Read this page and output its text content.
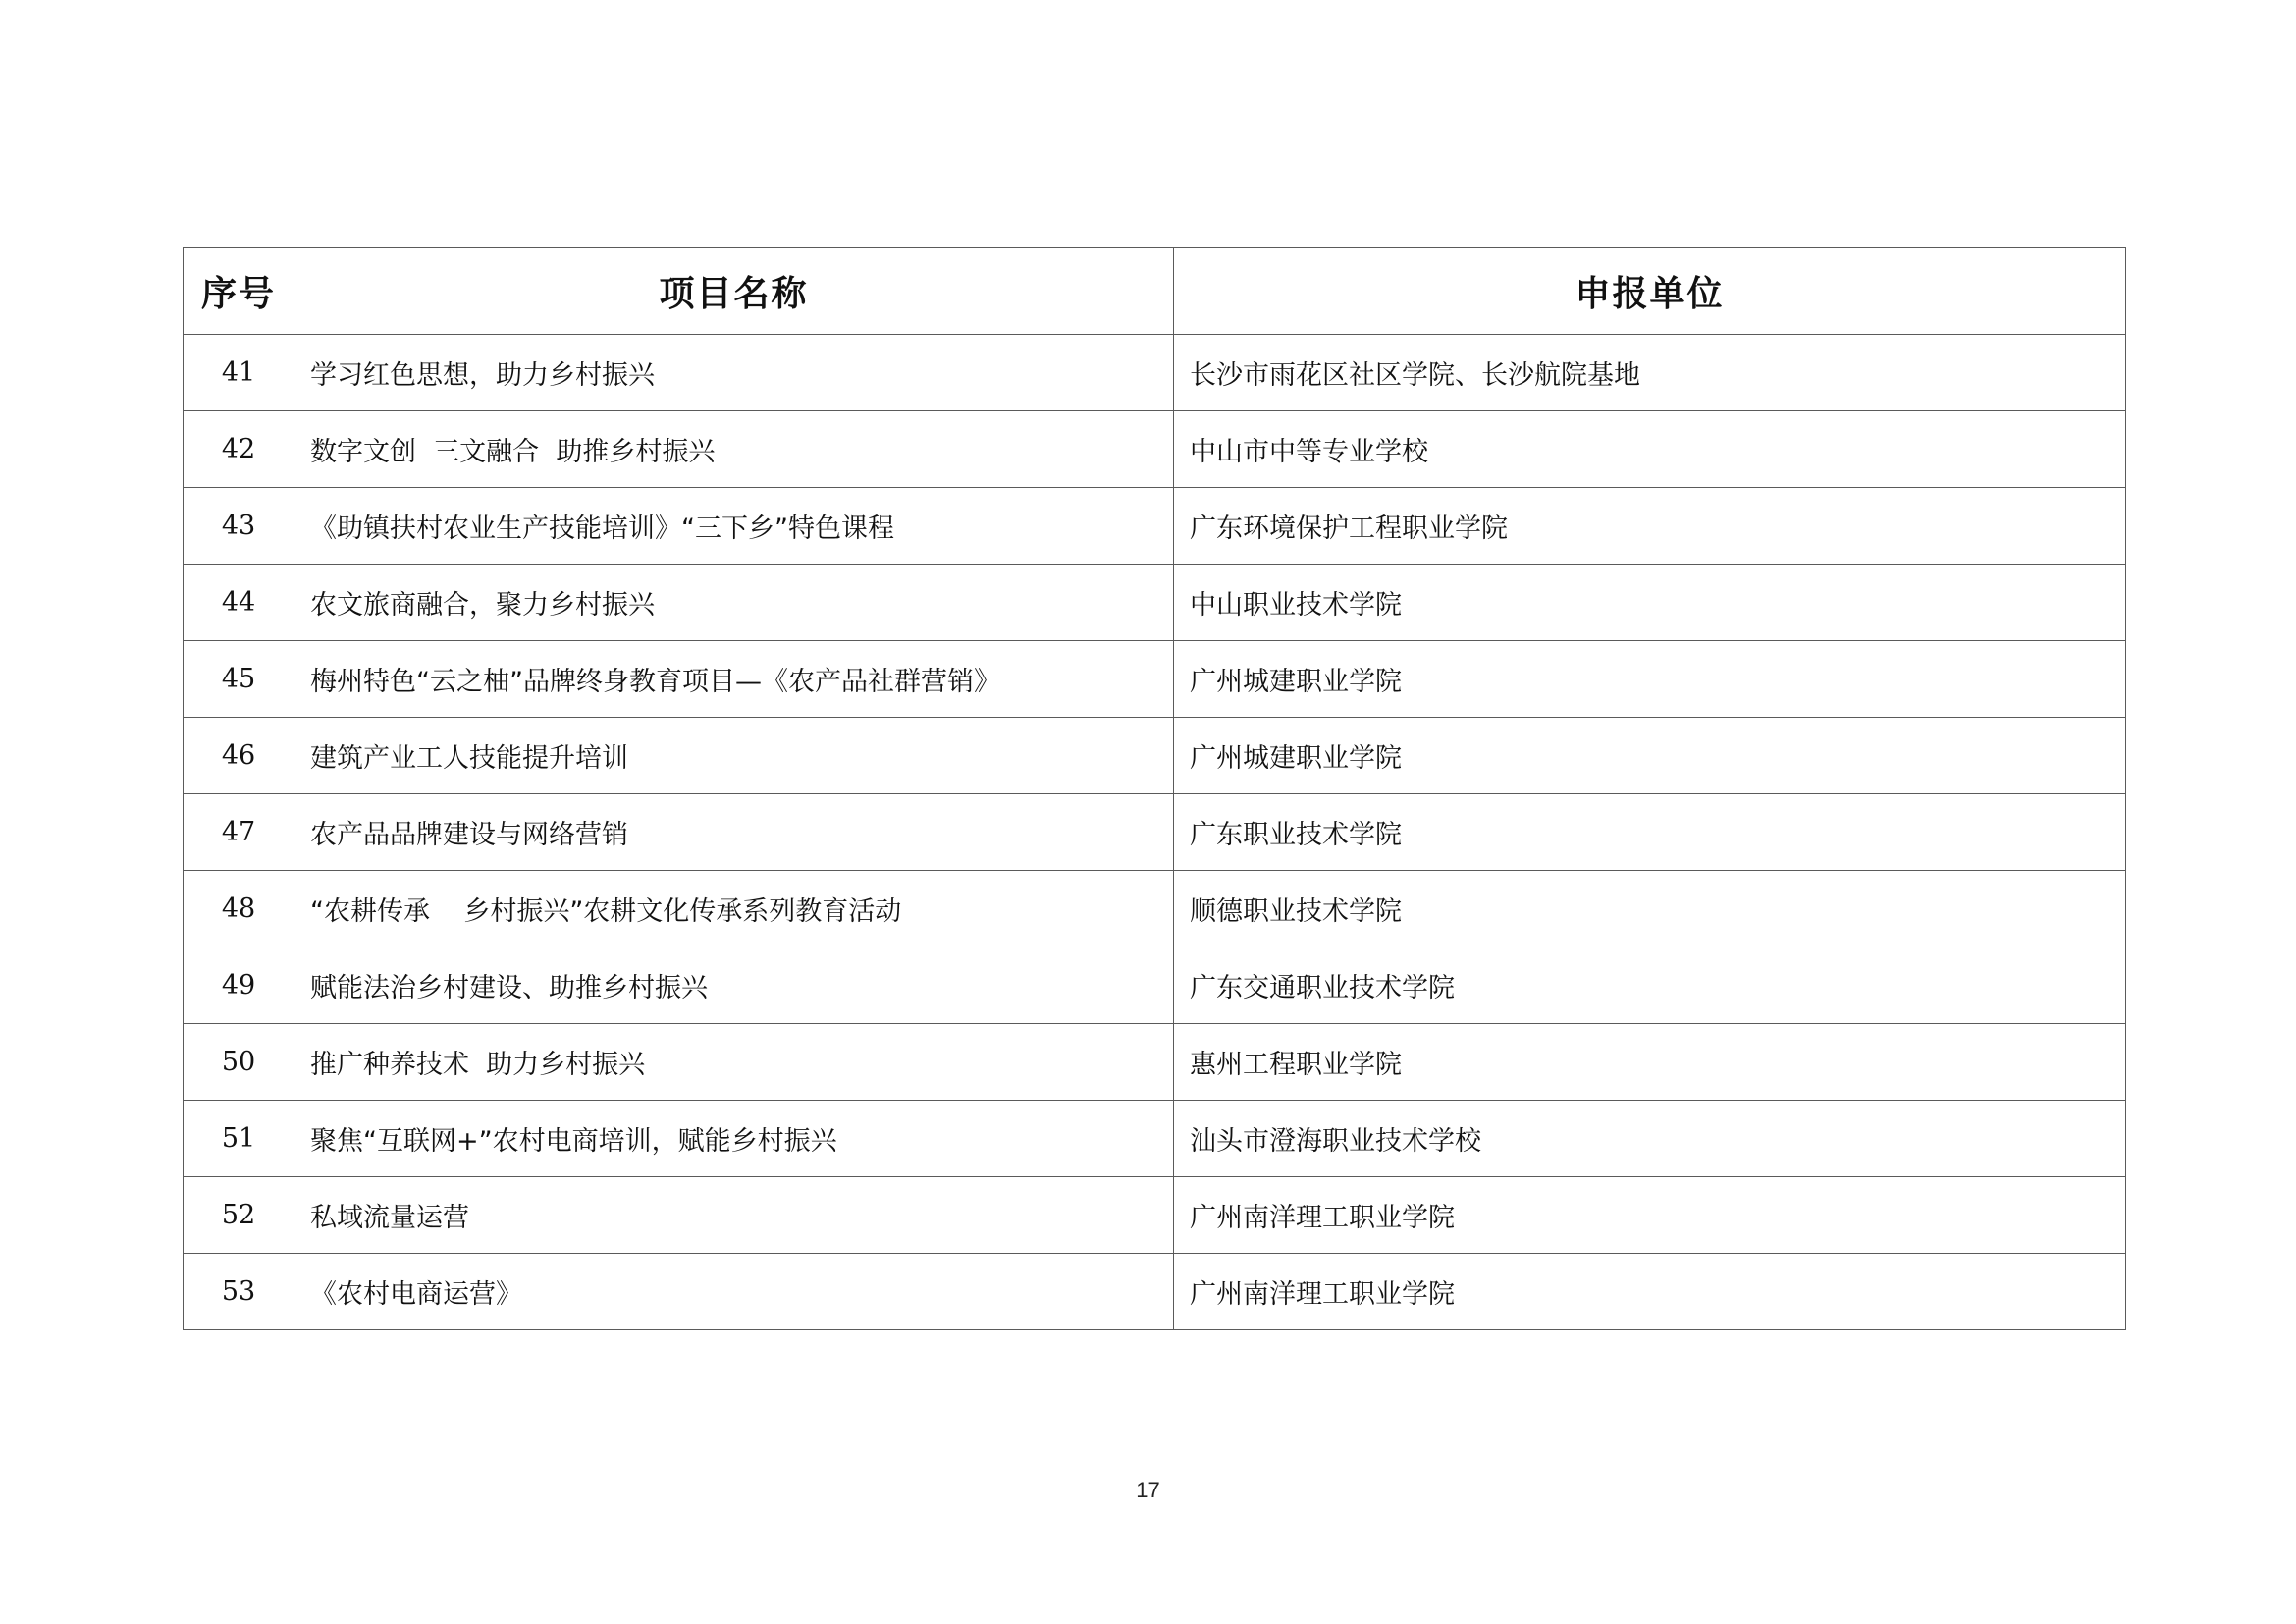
序号	项目名称	申报单位
41	学习红色思想，助力乡村振兴	长沙市雨花区社区学院、长沙航院基地
42	数字文创  三文融合  助推乡村振兴	中山市中等专业学校
43	《助镇扶村农业生产技能培训》“三下乡”特色课程	广东环境保护工程职业学院
44	农文旅商融合，聚力乡村振兴	中山职业技术学院
45	梅州特色“云之柚”品牌终身教育项目—《农产品社群营销》	广州城建职业学院
46	建筑产业工人技能提升培训	广州城建职业学院
47	农产品品牌建设与网络营销	广东职业技术学院
48	“农耕传承    乡村振兴”农耕文化传承系列教育活动	顺德职业技术学院
49	赋能法治乡村建设、助推乡村振兴	广东交通职业技术学院
50	推广种养技术  助力乡村振兴	惠州工程职业学院
51	聚焦“互联网+”农村电商培训，赋能乡村振兴	汕头市澄海职业技术学校
52	私域流量运营	广州南洋理工职业学院
53	《农村电商运营》	广州南洋理工职业学院
17
